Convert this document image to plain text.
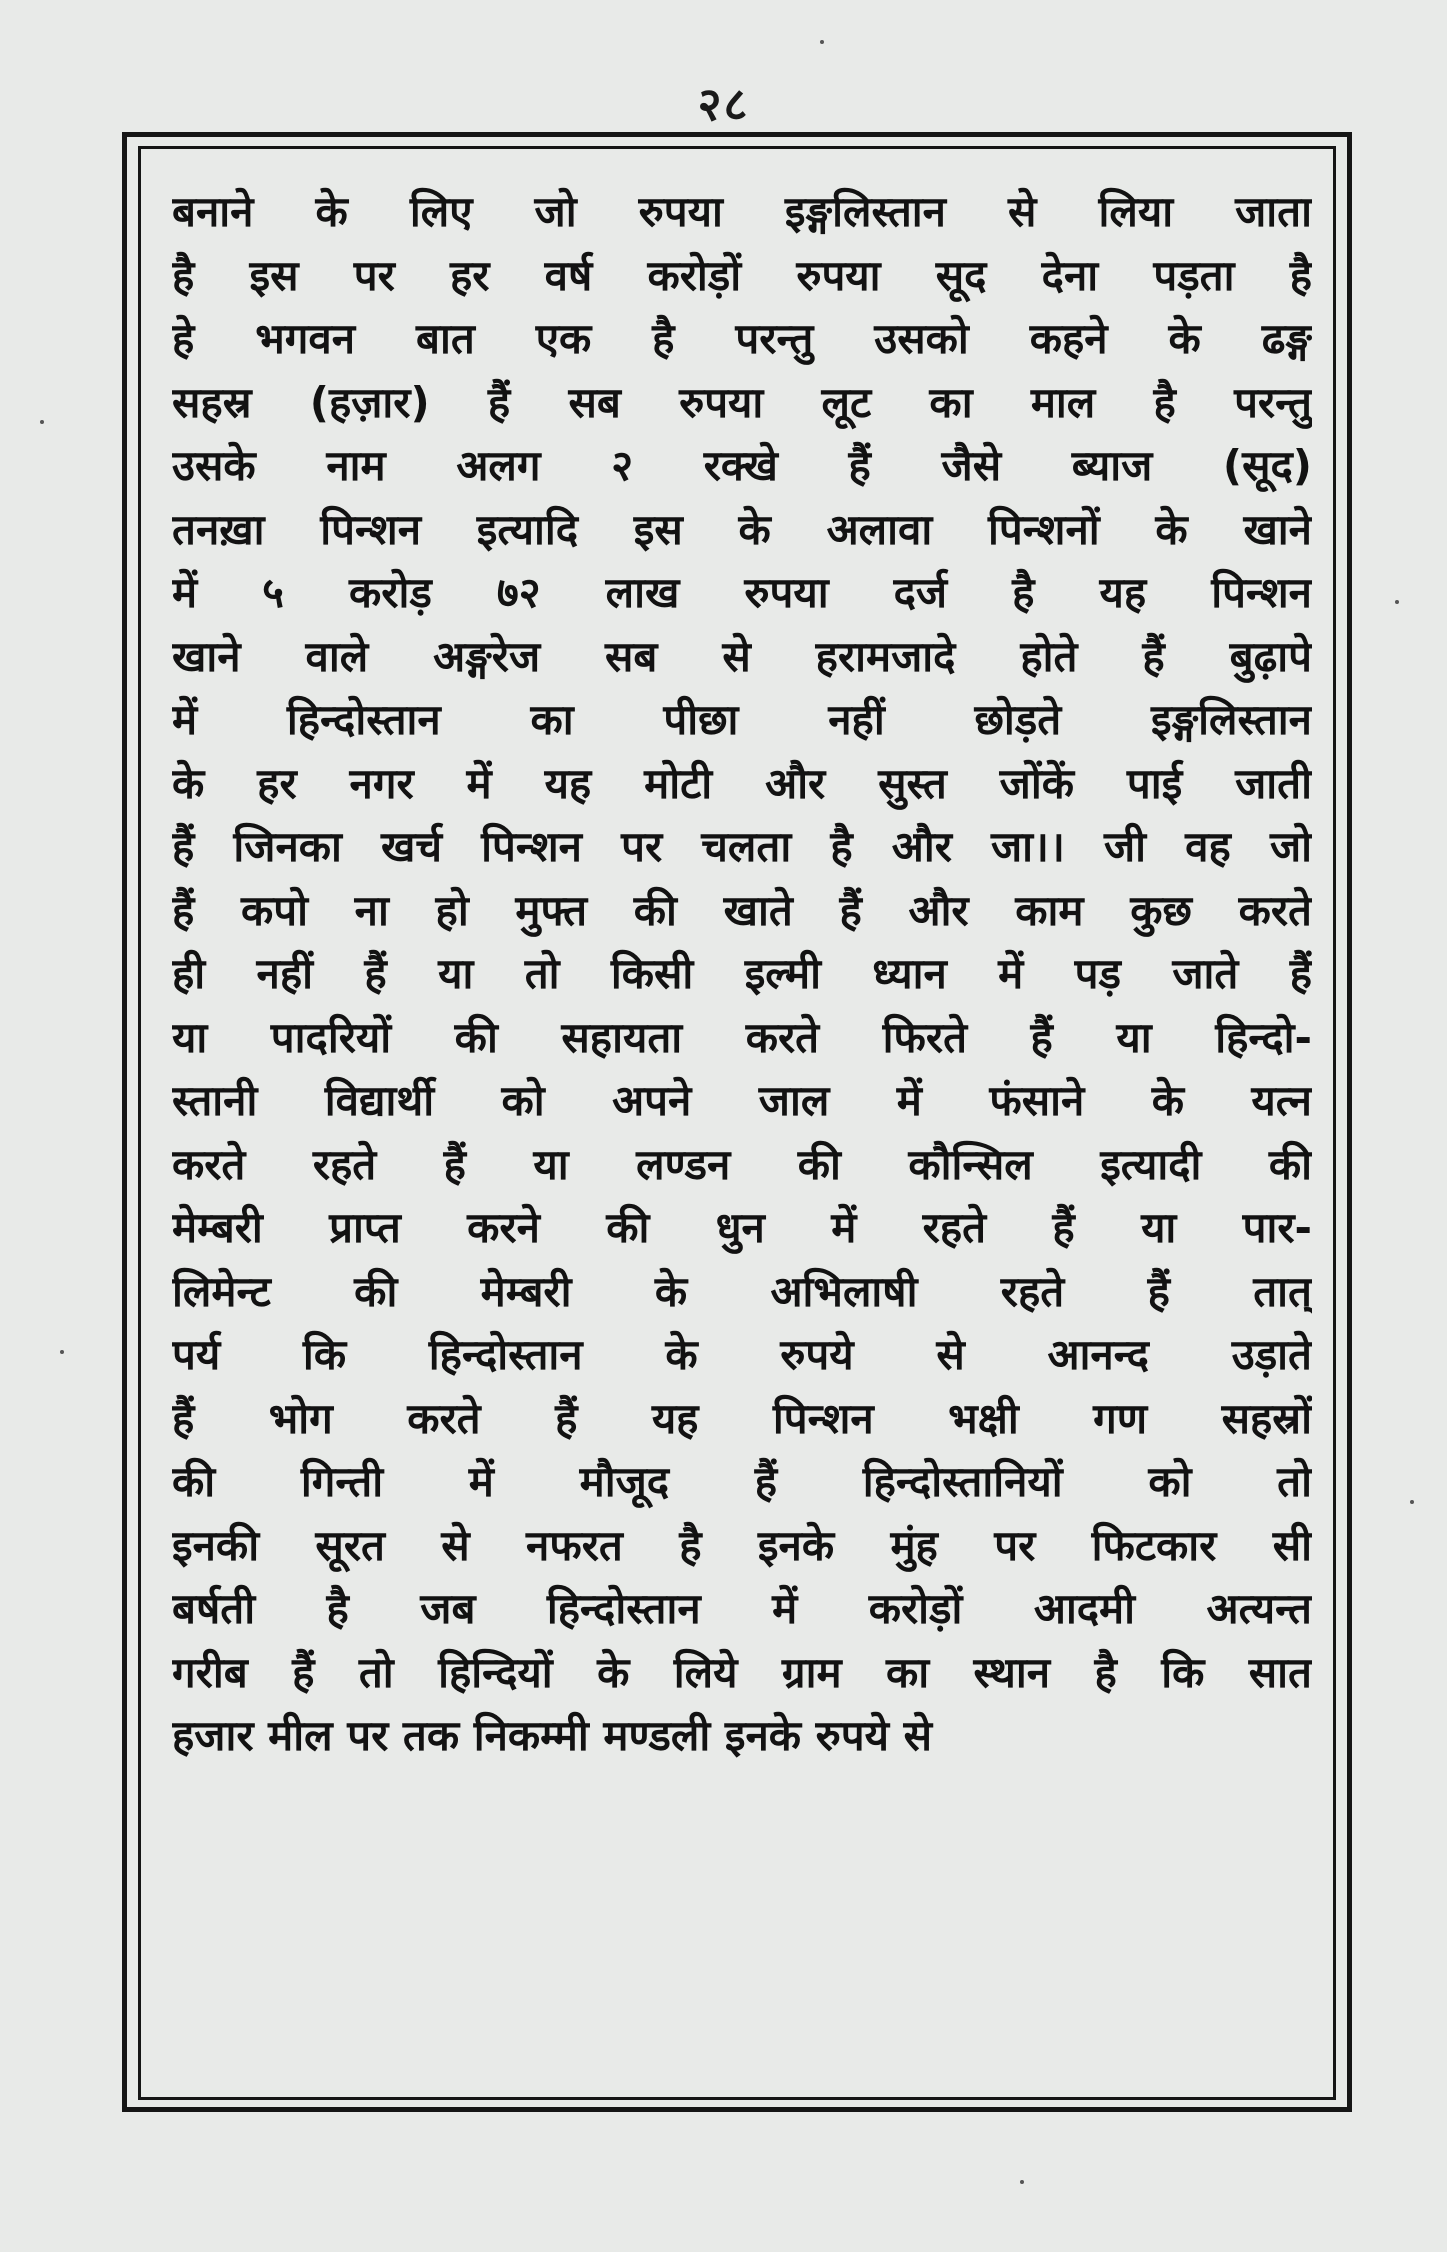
२८
बनाने के लिए जो रुपया इङ्गलिस्तान से लिया जाता
है इस पर हर वर्ष करोड़ों रुपया सूद देना पड़ता है
हे भगवन बात एक है परन्तु उसको कहने के ढङ्ग
सहस्र (हज़ार) हैं सब रुपया लूट का माल है परन्तु
उसके नाम अलग २ रक्खे हैं जैसे ब्याज (सूद)
तनख़ा पिन्शन इत्यादि इस के अलावा पिन्शनों के खाने
में ५ करोड़ ७२ लाख रुपया दर्ज है यह पिन्शन
खाने वाले अङ्गरेज सब से हरामजादे होते हैं बुढ़ापे
में हिन्दोस्तान का पीछा नहीं छोड़ते इङ्गलिस्तान
के हर नगर में यह मोटी और सुस्त जोंकें पाई जाती
हैं जिनका खर्च पिन्शन पर चलता है और जा।। जी वह जो
हैं कपो ना हो मुफ्त की खाते हैं और काम कुछ करते
ही नहीं हैं या तो किसी इल्मी ध्यान में पड़ जाते हैं
या पादरियों की सहायता करते फिरते हैं या हिन्दो-
स्तानी विद्यार्थी को अपने जाल में फंसाने के यत्न
करते रहते हैं या लण्डन की कौन्सिल इत्यादी की
मेम्बरी प्राप्त करने की धुन में रहते हैं या पार-
लिमेन्ट की मेम्बरी के अभिलाषी रहते हैं तात्
पर्य कि हिन्दोस्तान के रुपये से आनन्द उड़ाते
हैं भोग करते हैं यह पिन्शन भक्षी गण सहस्रों
की गिन्ती में मौजूद हैं हिन्दोस्तानियों को तो
इनकी सूरत से नफरत है इनके मुंह पर फिटकार सी
बर्षती है जब हिन्दोस्तान में करोड़ों आदमी अत्यन्त
गरीब हैं तो हिन्दियों के लिये ग्राम का स्थान है कि सात
हजार मील पर तक निकम्मी मण्डली इनके रुपये से
